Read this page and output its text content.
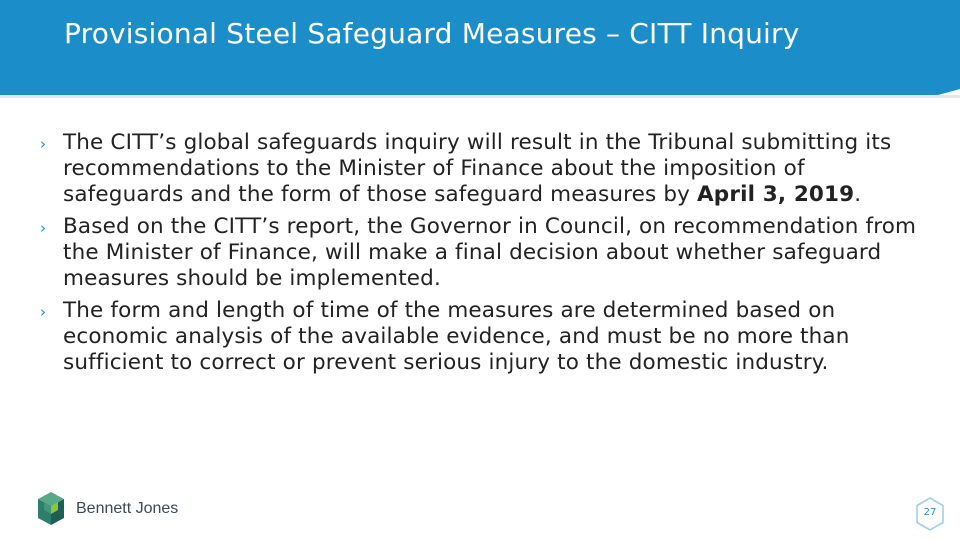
Provisional Steel Safeguard Measures – CITT Inquiry
› The CITT’s global safeguards inquiry will result in the Tribunal submitting its recommendations to the Minister of Finance about the imposition of safeguards and the form of those safeguard measures by April 3, 2019.
› Based on the CITT’s report, the Governor in Council, on recommendation from the Minister of Finance, will make a final decision about whether safeguard measures should be implemented.
› The form and length of time of the measures are determined based on economic analysis of the available evidence, and must be no more than sufficient to correct or prevent serious injury to the domestic industry.
Bennett Jones	27
